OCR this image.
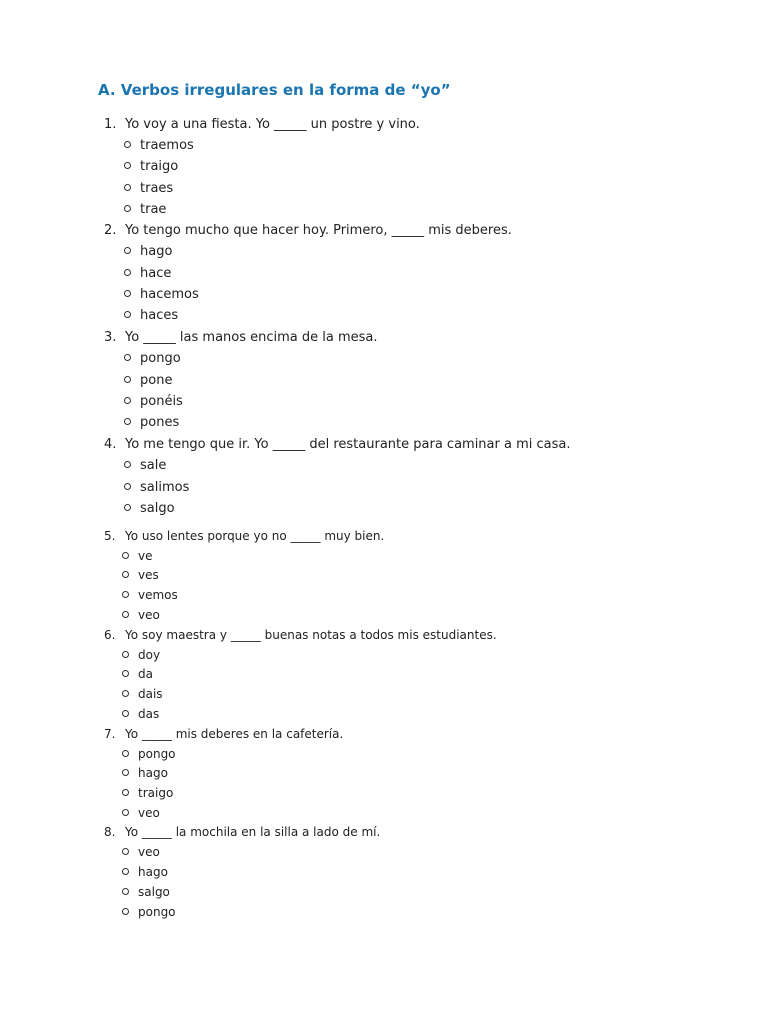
A. Verbos irregulares en la forma de “yo”

1. Yo voy a una fiesta. Yo _____ un postre y vino.

traemos

traigo

traes

trae

2. Yo tengo mucho que hacer hoy. Primero, _____ mis deberes.

hago

hace

hacemos

haces

3. Yo _____ las manos encima de la mesa.

pongo

pone

ponéis

pones

4. Yo me tengo que ir. Yo _____ del restaurante para caminar a mi casa.

sale

salimos

salgo

5. Yo uso lentes porque yo no _____ muy bien.

ve

ves

vemos

veo

6. Yo soy maestra y _____ buenas notas a todos mis estudiantes.

doy

da

dais

das

7. Yo _____ mis deberes en la cafetería.

pongo

hago

traigo

veo

8. Yo _____ la mochila en la silla a lado de mí.

veo

hago

salgo

pongo
